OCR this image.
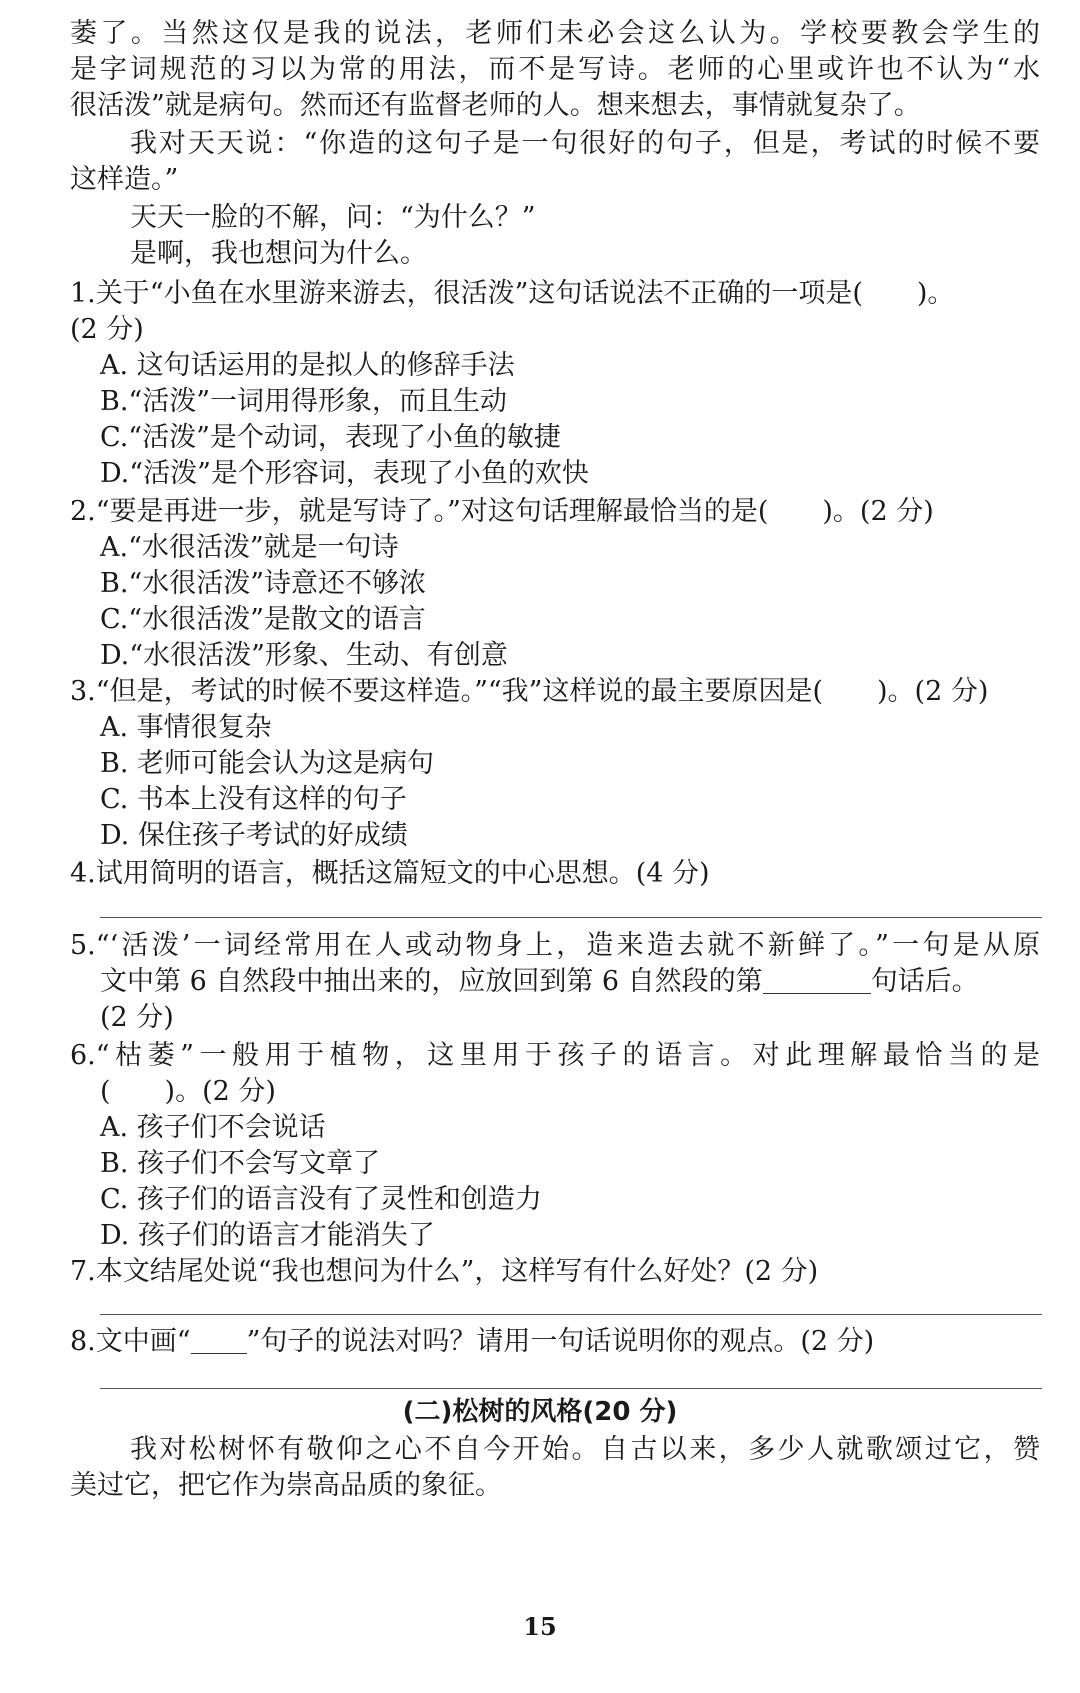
萎了。当然这仅是我的说法，老师们未必会这么认为。学校要教会学生的
是字词规范的习以为常的用法，而不是写诗。老师的心里或许也不认为“水
很活泼”就是病句。然而还有监督老师的人。想来想去，事情就复杂了。
我对天天说：“你造的这句子是一句很好的句子，但是，考试的时候不要
这样造。”
天天一脸的不解，问：“为什么？”
是啊，我也想问为什么。
1.关于“小鱼在水里游来游去，很活泼”这句话说法不正确的一项是(　　)。
(2 分)
A. 这句话运用的是拟人的修辞手法
B.“活泼”一词用得形象，而且生动
C.“活泼”是个动词，表现了小鱼的敏捷
D.“活泼”是个形容词，表现了小鱼的欢快
2.“要是再进一步，就是写诗了。”对这句话理解最恰当的是(　　)。(2 分)
A.“水很活泼”就是一句诗
B.“水很活泼”诗意还不够浓
C.“水很活泼”是散文的语言
D.“水很活泼”形象、生动、有创意
3.“但是，考试的时候不要这样造。”“我”这样说的最主要原因是(　　)。(2 分)
A. 事情很复杂
B. 老师可能会认为这是病句
C. 书本上没有这样的句子
D. 保住孩子考试的好成绩
4.试用简明的语言，概括这篇短文的中心思想。(4 分)
5.“‘活泼’一词经常用在人或动物身上，造来造去就不新鲜了。”一句是从原
文中第 6 自然段中抽出来的，应放回到第 6 自然段的第	句话后。
(2 分)
6.“枯萎”一般用于植物，这里用于孩子的语言。对此理解最恰当的是
(　　)。(2 分)
A. 孩子们不会说话
B. 孩子们不会写文章了
C. 孩子们的语言没有了灵性和创造力
D. 孩子们的语言才能消失了
7.本文结尾处说“我也想问为什么”，这样写有什么好处？(2 分)
8.文中画“ ”句子的说法对吗？请用一句话说明你的观点。(2 分)
(二)松树的风格(20 分)
我对松树怀有敬仰之心不自今开始。自古以来，多少人就歌颂过它，赞
美过它，把它作为崇高品质的象征。
15
